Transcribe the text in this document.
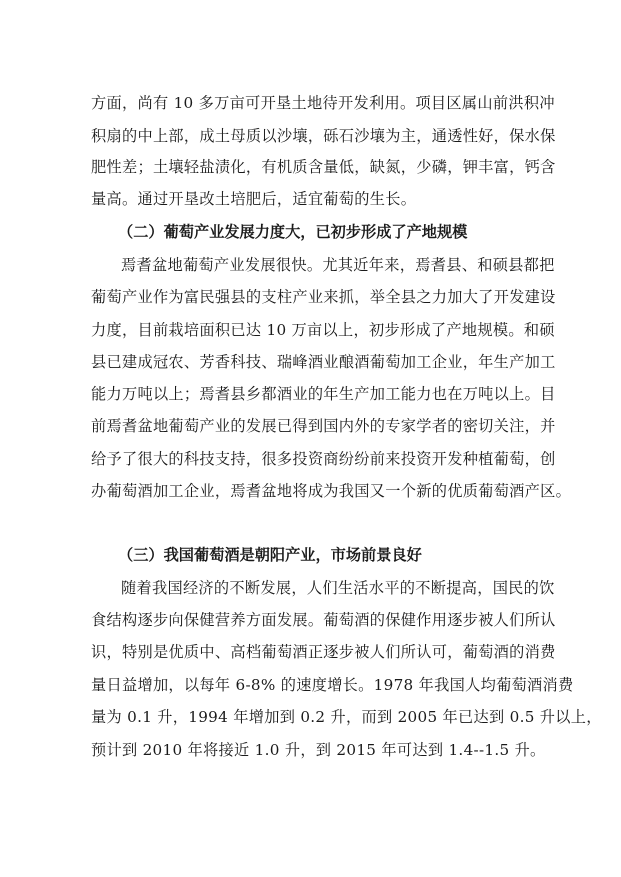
方面，尚有 10 多万亩可开垦土地待开发利用。项目区属山前洪积冲
积扇的中上部，成土母质以沙壤，砾石沙壤为主，通透性好，保水保
肥性差；土壤轻盐渍化，有机质含量低，缺氮，少磷，钾丰富，钙含
量高。通过开垦改土培肥后，适宜葡萄的生长。
（二）葡萄产业发展力度大，已初步形成了产地规模
焉耆盆地葡萄产业发展很快。尤其近年来，焉耆县、和硕县都把
葡萄产业作为富民强县的支柱产业来抓，举全县之力加大了开发建设
力度，目前栽培面积已达 10 万亩以上，初步形成了产地规模。和硕
县已建成冠农、芳香科技、瑞峰酒业酿酒葡萄加工企业，年生产加工
能力万吨以上；焉耆县乡都酒业的年生产加工能力也在万吨以上。目
前焉耆盆地葡萄产业的发展已得到国内外的专家学者的密切关注，并
给予了很大的科技支持，很多投资商纷纷前来投资开发种植葡萄，创
办葡萄酒加工企业，焉耆盆地将成为我国又一个新的优质葡萄酒产区。
（三）我国葡萄酒是朝阳产业，市场前景良好
随着我国经济的不断发展，人们生活水平的不断提高，国民的饮
食结构逐步向保健营养方面发展。葡萄酒的保健作用逐步被人们所认
识，特别是优质中、高档葡萄酒正逐步被人们所认可，葡萄酒的消费
量日益增加，以每年 6-8% 的速度增长。1978 年我国人均葡萄酒消费
量为 0.1 升，1994 年增加到 0.2 升，而到 2005 年已达到 0.5 升以上，
预计到 2010 年将接近 1.0 升，到 2015 年可达到 1.4--1.5 升。
